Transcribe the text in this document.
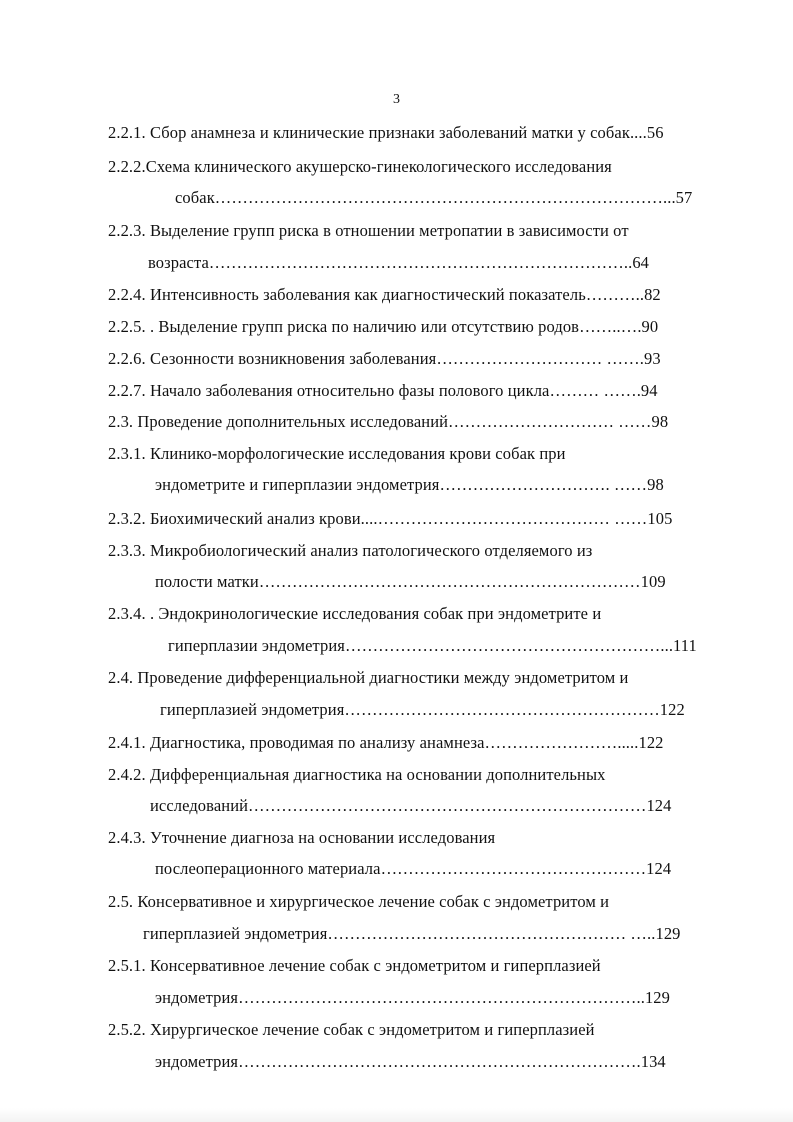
3
2.2.1. Сбор анамнеза и клинические признаки заболеваний матки у собак....56
2.2.2.Схема клинического акушерско-гинекологического исследования
собак………………………………………………………………………...57
2.2.3. Выделение групп риска в отношении метропатии в зависимости от
возраста…………………………………………………………………..64
2.2.4. Интенсивность заболевания как диагностический показатель………..82
2.2.5. . Выделение групп риска по наличию или отсутствию родов……..….90
2.2.6. Сезонности возникновения заболевания………………………… …….93
2.2.7. Начало заболевания относительно фазы полового цикла……… …….94
2.3. Проведение дополнительных исследований………………………… ……98
2.3.1. Клинико-морфологические исследования крови собак при
эндометрите и гиперплазии эндометрия…………………………. ……98
2.3.2. Биохимический анализ крови....…………………………………… ……105
2.3.3. Микробиологический анализ патологического отделяемого из
полости матки……………………………………………………………109
2.3.4. . Эндокринологические исследования собак при эндометрите и
гиперплазии эндометрия…………………………………………………...111
2.4. Проведение дифференциальной диагностики между эндометритом и
гиперплазией эндометрия…………………………………………………122
2.4.1. Диагностика, проводимая по анализу анамнеза…………………….....122
2.4.2. Дифференциальная диагностика на основании дополнительных
исследований………………………………………………………………124
2.4.3. Уточнение диагноза на основании исследования
послеоперационного материала…………………………………………124
2.5. Консервативное и хирургическое лечение собак с эндометритом и
гиперплазией эндометрия……………………………………………… …..129
2.5.1. Консервативное лечение собак с эндометритом и гиперплазией
эндометрия………………………………………………………………..129
2.5.2. Хирургическое лечение собак с эндометритом и гиперплазией
эндометрия……………………………………………………………….134
